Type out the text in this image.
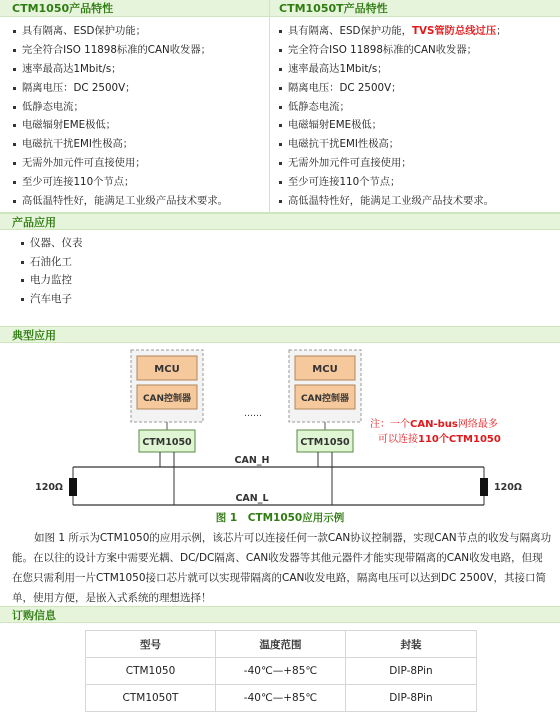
CTM1050产品特性	CTM1050T产品特性
具有隔离、ESD保护功能；
完全符合ISO 11898标准的CAN收发器；
速率最高达1Mbit/s；
隔离电压：DC 2500V；
低静态电流；
电磁辐射EME极低；
电磁抗干扰EMI性极高；
无需外加元件可直接使用；
至少可连接110个节点；
高低温特性好，能满足工业级产品技术要求。
具有隔离、ESD保护功能，TVS管防总线过压；
完全符合ISO 11898标准的CAN收发器；
速率最高达1Mbit/s；
隔离电压：DC 2500V；
低静态电流；
电磁辐射EME极低；
电磁抗干扰EMI性极高；
无需外加元件可直接使用；
至少可连接110个节点；
高低温特性好，能满足工业级产品技术要求。
产品应用
仪器、仪表
石油化工
电力监控
汽车电子
典型应用
MCU
CAN控制器
CTM1050
……
MCU
CAN控制器
CTM1050
注：一个CAN-bus网络最多
可以连接110个CTM1050
CAN_H
CAN_L
120Ω	120Ω
图 1　CTM1050应用示例

如图 1 所示为CTM1050的应用示例，该芯片可以连接任何一款CAN协议控制器，实现CAN节点的收发与隔离功能。在以往的设计方案中需要光耦、DC/DC隔离、CAN收发器等其他元器件才能实现带隔离的CAN收发电路，但现在您只需利用一片CTM1050接口芯片就可以实现带隔离的CAN收发电路，隔离电压可以达到DC 2500V，其接口简单，使用方便，是嵌入式系统的理想选择！

订购信息
型号	温度范围	封装
CTM1050	-40℃—+85℃	DIP-8Pin
CTM1050T	-40℃—+85℃	DIP-8Pin
